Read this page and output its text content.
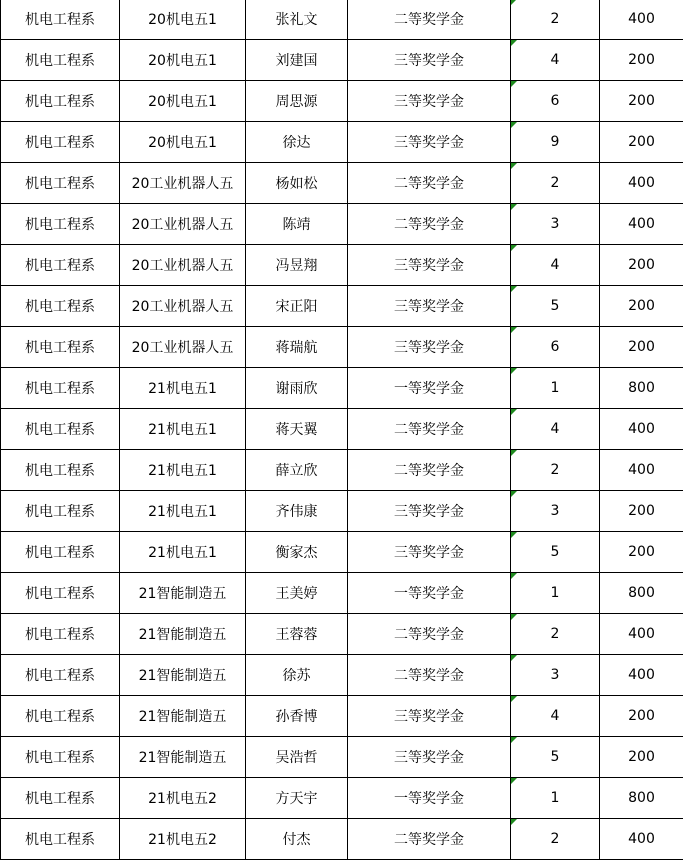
机电工程系	20机电五1	张礼文	二等奖学金	2	400
机电工程系	20机电五1	刘建国	三等奖学金	4	200
机电工程系	20机电五1	周思源	三等奖学金	6	200
机电工程系	20机电五1	徐达	三等奖学金	9	200
机电工程系	20工业机器人五	杨如松	二等奖学金	2	400
机电工程系	20工业机器人五	陈靖	二等奖学金	3	400
机电工程系	20工业机器人五	冯昱翔	三等奖学金	4	200
机电工程系	20工业机器人五	宋正阳	三等奖学金	5	200
机电工程系	20工业机器人五	蒋瑞航	三等奖学金	6	200
机电工程系	21机电五1	谢雨欣	一等奖学金	1	800
机电工程系	21机电五1	蒋天翼	二等奖学金	4	400
机电工程系	21机电五1	薛立欣	二等奖学金	2	400
机电工程系	21机电五1	齐伟康	三等奖学金	3	200
机电工程系	21机电五1	衡家杰	三等奖学金	5	200
机电工程系	21智能制造五	王美婷	一等奖学金	1	800
机电工程系	21智能制造五	王蓉蓉	二等奖学金	2	400
机电工程系	21智能制造五	徐苏	二等奖学金	3	400
机电工程系	21智能制造五	孙香博	三等奖学金	4	200
机电工程系	21智能制造五	吴浩哲	三等奖学金	5	200
机电工程系	21机电五2	方天宇	一等奖学金	1	800
机电工程系	21机电五2	付杰	二等奖学金	2	400
